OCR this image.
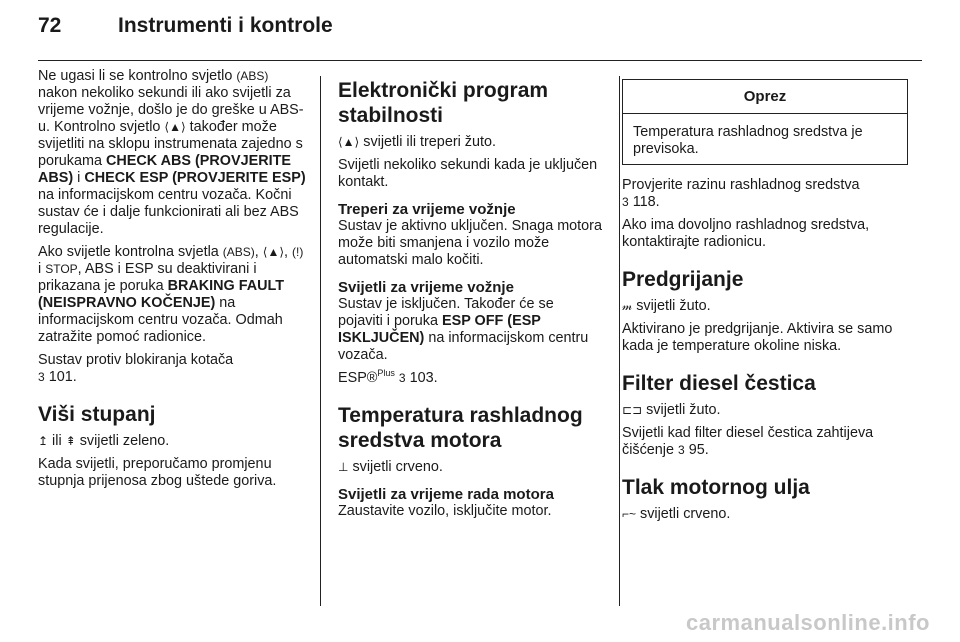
72	Instrumenti i kontrole

Ne ugasi li se kontrolno svjetlo (ABS) nakon nekoliko sekundi ili ako svijetli za vrijeme vožnje, došlo je do greške u ABS-u. Kontrolno svjetlo ⟨▲⟩ također može svijetliti na sklopu instrumenata zajedno s porukama CHECK ABS (PROVJERITE ABS) i CHECK ESP (PROVJERITE ESP) na informacijskom centru vozača. Kočni sustav će i dalje funkcionirati ali bez ABS regulacije.

Ako svijetle kontrolna svjetla (ABS), ⟨▲⟩, (!) i STOP, ABS i ESP su deaktivirani i prikazana je poruka BRAKING FAULT (NEISPRAVNO KOČENJE) na informacijskom centru vozača. Odmah zatražite pomoć radionice.

Sustav protiv blokiranja kotača
3 101.

Viši stupanj

↥ ili ⇞ svijetli zeleno.

Kada svijetli, preporučamo promjenu stupnja prijenosa zbog uštede goriva.

Elektronički program stabilnosti

⟨▲⟩ svijetli ili treperi žuto.

Svijetli nekoliko sekundi kada je uključen kontakt.

Treperi za vrijeme vožnje

Sustav je aktivno uključen. Snaga motora može biti smanjena i vozilo može automatski malo kočiti.

Svijetli za vrijeme vožnje

Sustav je isključen. Također će se pojaviti i poruka ESP OFF (ESP ISKLJUČEN) na informacijskom centru vozača.

ESP®$^{Plus}$ 3 103.

Temperatura rashladnog sredstva motora

⊥ svijetli crveno.

Svijetli za vrijeme rada motora

Zaustavite vozilo, isključite motor.

Oprez
Temperatura rashladnog sredstva je previsoka.

Provjerite razinu rashladnog sredstva
3 118.

Ako ima dovoljno rashladnog sredstva, kontaktirajte radionicu.

Predgrijanje

𝓂 svijetli žuto.

Aktivirano je predgrijanje. Aktivira se samo kada je temperature okoline niska.

Filter diesel čestica

⊏⊐ svijetli žuto.

Svijetli kad filter diesel čestica zahtijeva čišćenje 3 95.

Tlak motornog ulja

⌐~ svijetli crveno.

carmanualsonline.info
